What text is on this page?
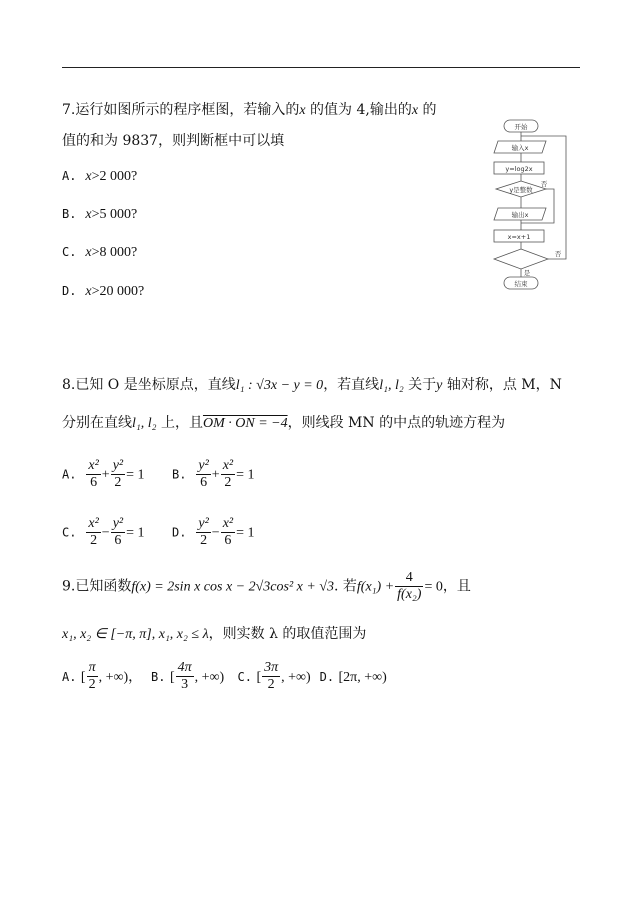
7.运行如图所示的程序框图，若输入的x 的值为 4,输出的x 的
值的和为 9837，则判断框中可以填
A. x>2 000?
B. x>5 000?
C. x>8 000?
D. x>20 000?
开始
输入x
y=log2x
y是整数
输出x
x=x+1
否
否
是
结束
8.已知 O 是坐标原点，直线l₁ : √3x − y = 0，若直线l₁, l₂ 关于y 轴对称，点 M，N
分别在直线l₁, l₂ 上，且OM · ON = −4，则线段 MN 的中点的轨迹方程为
A. $\frac{\text{x²}}{6} + \frac{\text{y²}}{2} = 1$ B. $\frac{\text{y²}}{6} + \frac{\text{x²}}{2} = 1$
C. $\frac{\text{x²}}{2} - \frac{\text{y²}}{6} = 1$ D. $\frac{\text{y²}}{2} - \frac{\text{x²}}{6} = 1$
9.已知函数f(x) = 2sin x cos x − 2√3cos² x + √3. 若$f(x_1) + \frac{4}{\text{f(x₂)}} = 0$，且
x₁, x₂ ∈ [−π, π], x₁, x₂ ≤ λ，则实数 λ 的取值范围为
A. [ $\frac{\pi}{2}$ , +∞)， B. [ $\frac{4\pi}{3}$ , +∞) C. [ $\frac{3\pi}{2}$ , +∞) D. [2π, +∞)
